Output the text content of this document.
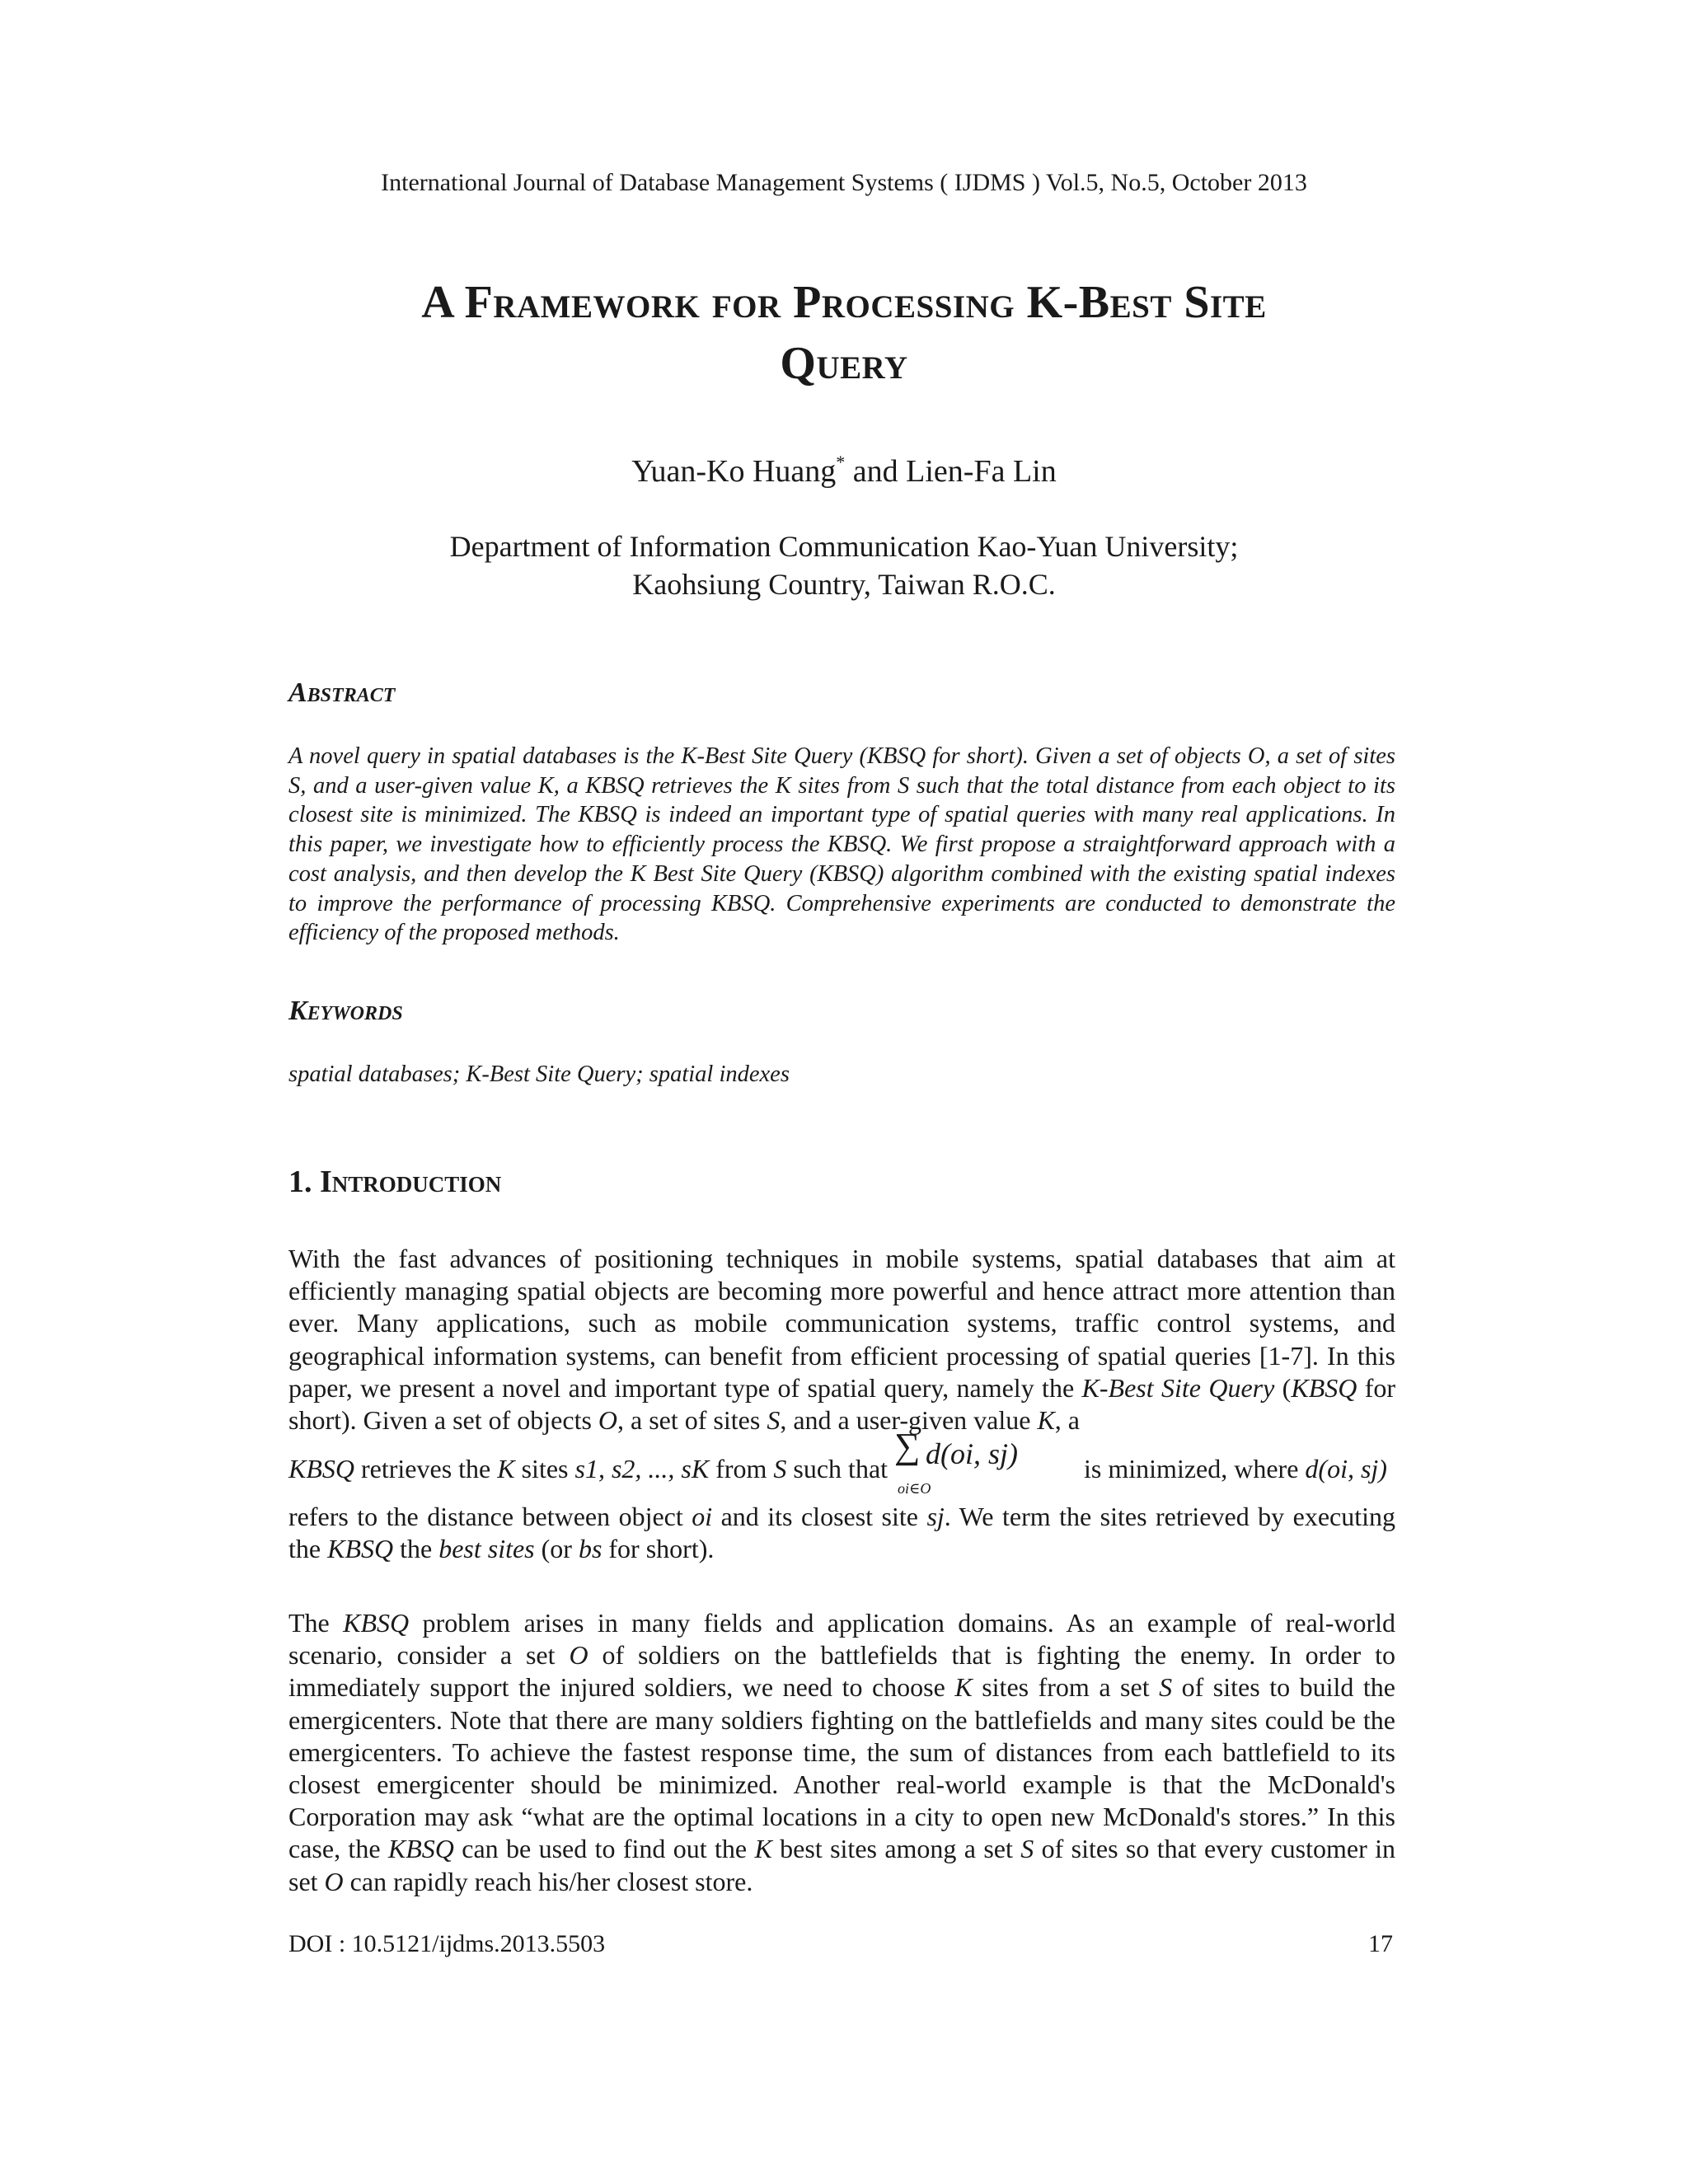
International Journal of Database Management Systems ( IJDMS ) Vol.5, No.5, October 2013
A Framework for Processing K-Best Site
Query
Yuan-Ko Huang* and Lien-Fa Lin
Department of Information Communication Kao-Yuan University;
Kaohsiung Country, Taiwan R.O.C.
Abstract
A novel query in spatial databases is the K-Best Site Query (KBSQ for short). Given a set of objects O, a set of sites S, and a user-given value K, a KBSQ retrieves the K sites from S such that the total distance from each object to its closest site is minimized. The KBSQ is indeed an important type of spatial queries with many real applications. In this paper, we investigate how to efficiently process the KBSQ. We first propose a straightforward approach with a cost analysis, and then develop the K Best Site Query (KBSQ) algorithm combined with the existing spatial indexes to improve the performance of processing KBSQ. Comprehensive experiments are conducted to demonstrate the efficiency of the proposed methods.
Keywords
spatial databases; K-Best Site Query; spatial indexes
1. Introduction

With the fast advances of positioning techniques in mobile systems, spatial databases that aim at efficiently managing spatial objects are becoming more powerful and hence attract more attention than ever. Many applications, such as mobile communication systems, traffic control systems, and geographical information systems, can benefit from efficient processing of spatial queries [1-7]. In this paper, we present a novel and important type of spatial query, namely the K-Best Site Query (KBSQ for short). Given a set of objects O, a set of sites S, and a user-given value K, a

KBSQ retrieves the K sites s1, s2, ..., sK from S such that
∑ d(oi, sj)
oi∈O
is minimized, where d(oi, sj)

refers to the distance between object oi and its closest site sj. We term the sites retrieved by executing the KBSQ the best sites (or bs for short).

The KBSQ problem arises in many fields and application domains. As an example of real-world scenario, consider a set O of soldiers on the battlefields that is fighting the enemy. In order to immediately support the injured soldiers, we need to choose K sites from a set S of sites to build the emergicenters. Note that there are many soldiers fighting on the battlefields and many sites could be the emergicenters. To achieve the fastest response time, the sum of distances from each battlefield to its closest emergicenter should be minimized. Another real-world example is that the McDonald's Corporation may ask “what are the optimal locations in a city to open new McDonald's stores.” In this case, the KBSQ can be used to find out the K best sites among a set S of sites so that every customer in set O can rapidly reach his/her closest store.

DOI : 10.5121/ijdms.2013.5503	17
